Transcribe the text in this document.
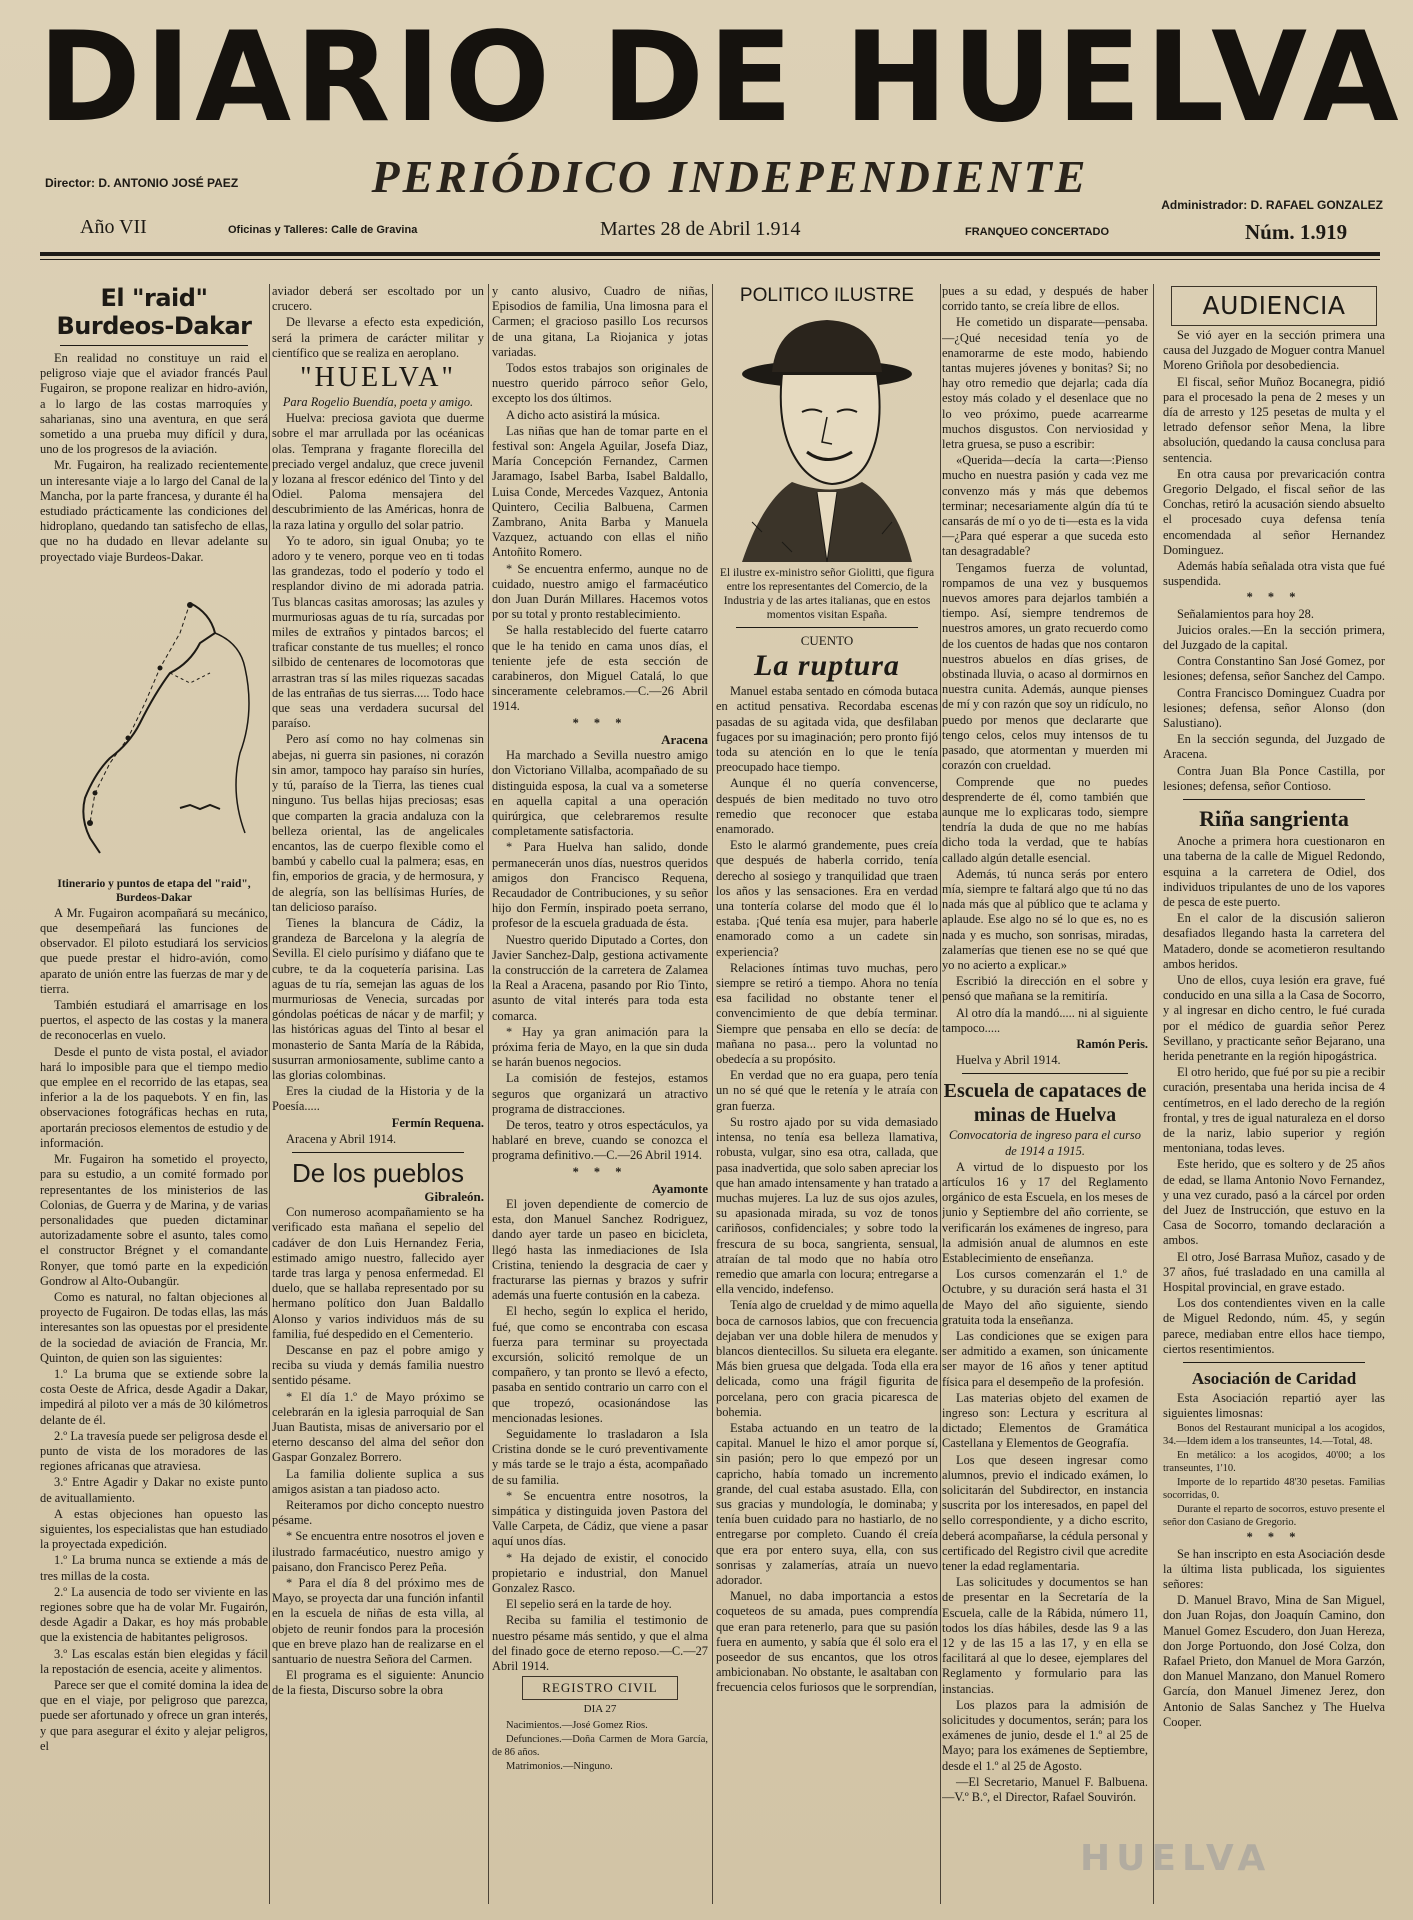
DIARIO DE HUELVA
PERIÓDICO INDEPENDIENTE
Director: D. ANTONIO JOSÉ PAEZ
Administrador: D. RAFAEL GONZALEZ
Año VII	Oficinas y Talleres: Calle de Gravina	Martes 28 de Abril 1.914	FRANQUEO CONCERTADO	Núm. 1.919

El "raid" Burdeos-Dakar

En realidad no constituye un raid el peligroso viaje que el aviador francés Paul Fugairon, se propone realizar en hidro-avión, a lo largo de las costas marroquíes y saharianas, sino una aventura, en que será sometido a una prueba muy difícil y dura, uno de los progresos de la aviación.

Mr. Fugairon, ha realizado recientemente un interesante viaje a lo largo del Canal de la Mancha, por la parte francesa, y durante él ha estudiado prácticamente las condiciones del hidroplano, quedando tan satisfecho de ellas, que no ha dudado en llevar adelante su proyectado viaje Burdeos-Dakar.

Itinerario y puntos de etapa del "raid", Burdeos-Dakar

A Mr. Fugairon acompañará su mecánico, que desempeñará las funciones de observador. El piloto estudiará los servicios que puede prestar el hidro-avión, como aparato de unión entre las fuerzas de mar y de tierra.

También estudiará el amarrisage en los puertos, el aspecto de las costas y la manera de reconocerlas en vuelo.

Desde el punto de vista postal, el aviador hará lo imposible para que el tiempo medio que emplee en el recorrido de las etapas, sea inferior a la de los paquebots. Y en fin, las observaciones fotográficas hechas en ruta, aportarán preciosos elementos de estudio y de información.

Mr. Fugairon ha sometido el proyecto, para su estudio, a un comité formado por representantes de los ministerios de las Colonias, de Guerra y de Marina, y de varias personalidades que pueden dictaminar autorizadamente sobre el asunto, tales como el constructor Brégnet y el comandante Ronyer, que tomó parte en la expedición Gondrow al Alto-Oubangür.

Como es natural, no faltan objeciones al proyecto de Fugairon. De todas ellas, las más interesantes son las opuestas por el presidente de la sociedad de aviación de Francia, Mr. Quinton, de quien son las siguientes:

1.º La bruma que se extiende sobre la costa Oeste de Africa, desde Agadir a Dakar, impedirá al piloto ver a más de 30 kilómetros delante de él.

2.º La travesía puede ser peligrosa desde el punto de vista de los moradores de las regiones africanas que atraviesa.

3.º Entre Agadir y Dakar no existe punto de avituallamiento.

A estas objeciones han opuesto las siguientes, los especialistas que han estudiado la proyectada expedición.

1.º La bruma nunca se extiende a más de tres millas de la costa.

2.º La ausencia de todo ser viviente en las regiones sobre que ha de volar Mr. Fugairón, desde Agadir a Dakar, es hoy más probable que la existencia de habitantes peligrosos.

3.º Las escalas están bien elegidas y fácil la repostación de esencia, aceite y alimentos.

Parece ser que el comité domina la idea de que en el viaje, por peligroso que parezca, puede ser afortunado y ofrece un gran interés, y que para asegurar el éxito y alejar peligros, el

aviador deberá ser escoltado por un crucero.

De llevarse a efecto esta expedición, será la primera de carácter militar y científico que se realiza en aeroplano.

"HUELVA"

Para Rogelio Buendía, poeta y amigo.

Huelva: preciosa gaviota que duerme sobre el mar arrullada por las océanicas olas. Temprana y fragante florecilla del preciado vergel andaluz, que crece juvenil y lozana al frescor edénico del Tinto y del Odiel. Paloma mensajera del descubrimiento de las Américas, honra de la raza latina y orgullo del solar patrio.

Yo te adoro, sin igual Onuba; yo te adoro y te venero, porque veo en ti todas las grandezas, todo el poderío y todo el resplandor divino de mi adorada patria. Tus blancas casitas amorosas; las azules y murmuriosas aguas de tu ría, surcadas por miles de extraños y pintados barcos; el traficar constante de tus muelles; el ronco silbido de centenares de locomotoras que arrastran tras sí las miles riquezas sacadas de las entrañas de tus sierras..... Todo hace que seas una verdadera sucursal del paraíso.

Pero así como no hay colmenas sin abejas, ni guerra sin pasiones, ni corazón sin amor, tampoco hay paraíso sin huríes, y tú, paraíso de la Tierra, las tienes cual ninguno. Tus bellas hijas preciosas; esas que comparten la gracia andaluza con la belleza oriental, las de angelicales encantos, las de cuerpo flexible como el bambú y cabello cual la palmera; esas, en fin, emporios de gracia, y de hermosura, y de alegría, son las bellísimas Huríes, de tan delicioso paraíso.

Tienes la blancura de Cádiz, la grandeza de Barcelona y la alegría de Sevilla. El cielo purísimo y diáfano que te cubre, te da la coquetería parisina. Las aguas de tu ría, semejan las aguas de los murmuriosas de Venecia, surcadas por góndolas poéticas de nácar y de marfil; y las históricas aguas del Tinto al besar el monasterio de Santa María de la Rábida, susurran armoniosamente, sublime canto a las glorias colombinas.

Eres la ciudad de la Historia y de la Poesía.....

Fermín Requena.

Aracena y Abril 1914.

De los pueblos

Gibraleón.

Con numeroso acompañamiento se ha verificado esta mañana el sepelio del cadáver de don Luis Hernandez Feria, estimado amigo nuestro, fallecido ayer tarde tras larga y penosa enfermedad. El duelo, que se hallaba representado por su hermano político don Juan Baldallo Alonso y varios individuos más de su familia, fué despedido en el Cementerio.

Descanse en paz el pobre amigo y reciba su viuda y demás familia nuestro sentido pésame.

* El día 1.º de Mayo próximo se celebrarán en la iglesia parroquial de San Juan Bautista, misas de aniversario por el eterno descanso del alma del señor don Gaspar Gonzalez Borrero.

La familia doliente suplica a sus amigos asistan a tan piadoso acto.

Reiteramos por dicho concepto nuestro pésame.

* Se encuentra entre nosotros el joven e ilustrado farmacéutico, nuestro amigo y paisano, don Francisco Perez Peña.

* Para el día 8 del próximo mes de Mayo, se proyecta dar una función infantil en la escuela de niñas de esta villa, al objeto de reunir fondos para la procesión que en breve plazo han de realizarse en el santuario de nuestra Señora del Carmen.

El programa es el siguiente: Anuncio de la fiesta, Discurso sobre la obra

y canto alusivo, Cuadro de niñas, Episodios de familia, Una limosna para el Carmen; el gracioso pasillo Los recursos de una gitana, La Riojanica y jotas variadas.

Todos estos trabajos son originales de nuestro querido párroco señor Gelo, excepto los dos últimos.

A dicho acto asistirá la música.

Las niñas que han de tomar parte en el festival son: Angela Aguilar, Josefa Diaz, María Concepción Fernandez, Carmen Jaramago, Isabel Barba, Isabel Baldallo, Luisa Conde, Mercedes Vazquez, Antonia Quintero, Cecilia Balbuena, Carmen Zambrano, Anita Barba y Manuela Vazquez, actuando con ellas el niño Antoñito Romero.

* Se encuentra enfermo, aunque no de cuidado, nuestro amigo el farmacéutico don Juan Durán Millares. Hacemos votos por su total y pronto restablecimiento.

Se halla restablecido del fuerte catarro que le ha tenido en cama unos días, el teniente jefe de esta sección de carabineros, don Miguel Catalá, lo que sinceramente celebramos.—C.—26 Abril 1914.

* * *

Aracena

Ha marchado a Sevilla nuestro amigo don Victoriano Villalba, acompañado de su distinguida esposa, la cual va a someterse en aquella capital a una operación quirúrgica, que celebraremos resulte completamente satisfactoria.

* Para Huelva han salido, donde permanecerán unos días, nuestros queridos amigos don Francisco Requena, Recaudador de Contribuciones, y su señor hijo don Fermín, inspirado poeta serrano, profesor de la escuela graduada de ésta.

Nuestro querido Diputado a Cortes, don Javier Sanchez-Dalp, gestiona activamente la construcción de la carretera de Zalamea la Real a Aracena, pasando por Rio Tinto, asunto de vital interés para toda esta comarca.

* Hay ya gran animación para la próxima feria de Mayo, en la que sin duda se harán buenos negocios.

La comisión de festejos, estamos seguros que organizará un atractivo programa de distracciones.

De teros, teatro y otros espectáculos, ya hablaré en breve, cuando se conozca el programa definitivo.—C.—26 Abril 1914.

* * *

Ayamonte

El joven dependiente de comercio de esta, don Manuel Sanchez Rodriguez, dando ayer tarde un paseo en bicicleta, llegó hasta las inmediaciones de Isla Cristina, teniendo la desgracia de caer y fracturarse las piernas y brazos y sufrir además una fuerte contusión en la cabeza.

El hecho, según lo explica el herido, fué, que como se encontraba con escasa fuerza para terminar su proyectada excursión, solicitó remolque de un compañero, y tan pronto se llevó a efecto, pasaba en sentido contrario un carro con el que tropezó, ocasionándose las mencionadas lesiones.

Seguidamente lo trasladaron a Isla Cristina donde se le curó preventivamente y más tarde se le trajo a ésta, acompañado de su familia.

* Se encuentra entre nosotros, la simpática y distinguida joven Pastora del Valle Carpeta, de Cádiz, que viene a pasar aquí unos días.

* Ha dejado de existir, el conocido propietario e industrial, don Manuel Gonzalez Rasco.

El sepelio será en la tarde de hoy.

Reciba su familia el testimonio de nuestro pésame más sentido, y que el alma del finado goce de eterno reposo.—C.—27 Abril 1914.

REGISTRO CIVIL

DIA 27

Nacimientos.—José Gomez Rios.

Defunciones.—Doña Carmen de Mora García, de 86 años.

Matrimonios.—Ninguno.

POLITICO ILUSTRE

El ilustre ex-ministro señor Giolitti, que figura entre los representantes del Comercio, de la Industria y de las artes italianas, que en estos momentos visitan España.

CUENTO

La ruptura

Manuel estaba sentado en cómoda butaca en actitud pensativa. Recordaba escenas pasadas de su agitada vida, que desfilaban fugaces por su imaginación; pero pronto fijó toda su atención en lo que le tenía preocupado hace tiempo.

Aunque él no quería convencerse, después de bien meditado no tuvo otro remedio que reconocer que estaba enamorado.

Esto le alarmó grandemente, pues creía que después de haberla corrido, tenía derecho al sosiego y tranquilidad que traen los años y las sensaciones. Era en verdad una tontería colarse del modo que él lo estaba. ¡Qué tenía esa mujer, para haberle enamorado como a un cadete sin experiencia?

Relaciones íntimas tuvo muchas, pero siempre se retiró a tiempo. Ahora no tenía esa facilidad no obstante tener el convencimiento de que debía terminar. Siempre que pensaba en ello se decía: de mañana no pasa... pero la voluntad no obedecía a su propósito.

En verdad que no era guapa, pero tenía un no sé qué que le retenía y le atraía con gran fuerza.

Su rostro ajado por su vida demasiado intensa, no tenía esa belleza llamativa, robusta, vulgar, sino esa otra, callada, que pasa inadvertida, que solo saben apreciar los que han amado intensamente y han tratado a muchas mujeres. La luz de sus ojos azules, su apasionada mirada, su voz de tonos cariñosos, confidenciales; y sobre todo la frescura de su boca, sangrienta, sensual, atraían de tal modo que no había otro remedio que amarla con locura; entregarse a ella vencido, indefenso.

Tenía algo de crueldad y de mimo aquella boca de carnosos labios, que con frecuencia dejaban ver una doble hilera de menudos y blancos dientecillos. Su silueta era elegante. Más bien gruesa que delgada. Toda ella era delicada, como una frágil figurita de porcelana, pero con gracia picaresca de bohemia.

Estaba actuando en un teatro de la capital. Manuel le hizo el amor porque sí, sin pasión; pero lo que empezó por un capricho, había tomado un incremento grande, del cual estaba asustado. Ella, con sus gracias y mundología, le dominaba; y tenía buen cuidado para no hastiarlo, de no entregarse por completo. Cuando él creía que era por entero suya, ella, con sus sonrisas y zalamerías, atraía un nuevo adorador.

Manuel, no daba importancia a estos coqueteos de su amada, pues comprendía que eran para retenerlo, para que su pasión fuera en aumento, y sabía que él solo era el poseedor de sus encantos, que los otros ambicionaban. No obstante, le asaltaban con frecuencia celos furiosos que le sorprendían,

pues a su edad, y después de haber corrido tanto, se creía libre de ellos.

He cometido un disparate—pensaba.—¿Qué necesidad tenía yo de enamorarme de este modo, habiendo tantas mujeres jóvenes y bonitas? Si; no hay otro remedio que dejarla; cada día estoy más colado y el desenlace que no lo veo próximo, puede acarrearme muchos disgustos. Con nerviosidad y letra gruesa, se puso a escribir:

«Querida—decía la carta—:Pienso mucho en nuestra pasión y cada vez me convenzo más y más que debemos terminar; necesariamente algún día tú te cansarás de mí o yo de ti—esta es la vida—¿Para qué esperar a que suceda esto tan desagradable?

Tengamos fuerza de voluntad, rompamos de una vez y busquemos nuevos amores para dejarlos también a tiempo. Así, siempre tendremos de nuestros amores, un grato recuerdo como de los cuentos de hadas que nos contaron nuestros abuelos en días grises, de obstinada lluvia, o acaso al dormirnos en nuestra cunita. Además, aunque pienses de mí y con razón que soy un ridículo, no puedo por menos que declararte que tengo celos, celos muy intensos de tu pasado, que atormentan y muerden mi corazón con crueldad.

Comprende que no puedes desprenderte de él, como también que aunque me lo explicaras todo, siempre tendría la duda de que no me habías dicho toda la verdad, que te habías callado algún detalle esencial.

Además, tú nunca serás por entero mía, siempre te faltará algo que tú no das nada más que al público que te aclama y aplaude. Ese algo no sé lo que es, no es nada y es mucho, son sonrisas, miradas, zalamerías que tienen ese no se qué que yo no acierto a explicar.»

Escribió la dirección en el sobre y pensó que mañana se la remitiría.

Al otro día la mandó..... ni al siguiente tampoco.....

Ramón Peris.

Huelva y Abril 1914.

Escuela de capataces de minas de Huelva

Convocatoria de ingreso para el curso de 1914 a 1915.

A virtud de lo dispuesto por los artículos 16 y 17 del Reglamento orgánico de esta Escuela, en los meses de junio y Septiembre del año corriente, se verificarán los exámenes de ingreso, para la admisión anual de alumnos en este Establecimiento de enseñanza.

Los cursos comenzarán el 1.º de Octubre, y su duración será hasta el 31 de Mayo del año siguiente, siendo gratuita toda la enseñanza.

Las condiciones que se exigen para ser admitido a examen, son únicamente ser mayor de 16 años y tener aptitud física para el desempeño de la profesión.

Las materias objeto del examen de ingreso son: Lectura y escritura al dictado; Elementos de Gramática Castellana y Elementos de Geografía.

Los que deseen ingresar como alumnos, previo el indicado exámen, lo solicitarán del Subdirector, en instancia suscrita por los interesados, en papel del sello correspondiente, y a dicho escrito, deberá acompañarse, la cédula personal y certificado del Registro civil que acredite tener la edad reglamentaria.

Las solicitudes y documentos se han de presentar en la Secretaría de la Escuela, calle de la Rábida, número 11, todos los días hábiles, desde las 9 a las 12 y de las 15 a las 17, y en ella se facilitará al que lo desee, ejemplares del Reglamento y formulario para las instancias.

Los plazos para la admisión de solicitudes y documentos, serán; para los exámenes de junio, desde el 1.º al 25 de Mayo; para los exámenes de Septiembre, desde el 1.º al 25 de Agosto.

—El Secretario, Manuel F. Balbuena.—V.º B.º, el Director, Rafael Souvirón.

AUDIENCIA

Se vió ayer en la sección primera una causa del Juzgado de Moguer contra Manuel Moreno Griñola por desobediencia.

El fiscal, señor Muñoz Bocanegra, pidió para el procesado la pena de 2 meses y un día de arresto y 125 pesetas de multa y el letrado defensor señor Mena, la libre absolución, quedando la causa conclusa para sentencia.

En otra causa por prevaricación contra Gregorio Delgado, el fiscal señor de las Conchas, retiró la acusación siendo absuelto el procesado cuya defensa tenía encomendada al señor Hernandez Dominguez.

Además había señalada otra vista que fué suspendida.

* * *

Señalamientos para hoy 28.

Juicios orales.—En la sección primera, del Juzgado de la capital.

Contra Constantino San José Gomez, por lesiones; defensa, señor Sanchez del Campo.

Contra Francisco Dominguez Cuadra por lesiones; defensa, señor Alonso (don Salustiano).

En la sección segunda, del Juzgado de Aracena.

Contra Juan Bla Ponce Castilla, por lesiones; defensa, señor Contioso.

Riña sangrienta

Anoche a primera hora cuestionaron en una taberna de la calle de Miguel Redondo, esquina a la carretera de Odiel, dos individuos tripulantes de uno de los vapores de pesca de este puerto.

En el calor de la discusión salieron desafiados llegando hasta la carretera del Matadero, donde se acometieron resultando ambos heridos.

Uno de ellos, cuya lesión era grave, fué conducido en una silla a la Casa de Socorro, y al ingresar en dicho centro, le fué curada por el médico de guardia señor Perez Sevillano, y practicante señor Bejarano, una herida penetrante en la región hipogástrica.

El otro herido, que fué por su pie a recibir curación, presentaba una herida incisa de 4 centímetros, en el lado derecho de la región frontal, y tres de igual naturaleza en el dorso de la nariz, labio superior y región mentoniana, todas leves.

Este herido, que es soltero y de 25 años de edad, se llama Antonio Novo Fernandez, y una vez curado, pasó a la cárcel por orden del Juez de Instrucción, que estuvo en la Casa de Socorro, tomando declaración a ambos.

El otro, José Barrasa Muñoz, casado y de 37 años, fué trasladado en una camilla al Hospital provincial, en grave estado.

Los dos contendientes viven en la calle de Miguel Redondo, núm. 45, y según parece, mediaban entre ellos hace tiempo, ciertos resentimientos.

Asociación de Caridad

Esta Asociación repartió ayer las siguientes limosnas:

Bonos del Restaurant municipal a los acogidos, 34.—Idem idem a los transeuntes, 14.—Total, 48.

En metálico: a los acogidos, 40'00; a los transeuntes, 1'10.

Importe de lo repartido 48'30 pesetas. Familias socorridas, 0.

Durante el reparto de socorros, estuvo presente el señor don Casiano de Gregorio.

* * *

Se han inscripto en esta Asociación desde la última lista publicada, los siguientes señores:

D. Manuel Bravo, Mina de San Miguel, don Juan Rojas, don Joaquín Camino, don Manuel Gomez Escudero, don Juan Hereza, don Jorge Portuondo, don José Colza, don Rafael Prieto, don Manuel de Mora Garzón, don Manuel Manzano, don Manuel Romero García, don Manuel Jimenez Jerez, don Antonio de Salas Sanchez y The Huelva Cooper.

HUELVA
